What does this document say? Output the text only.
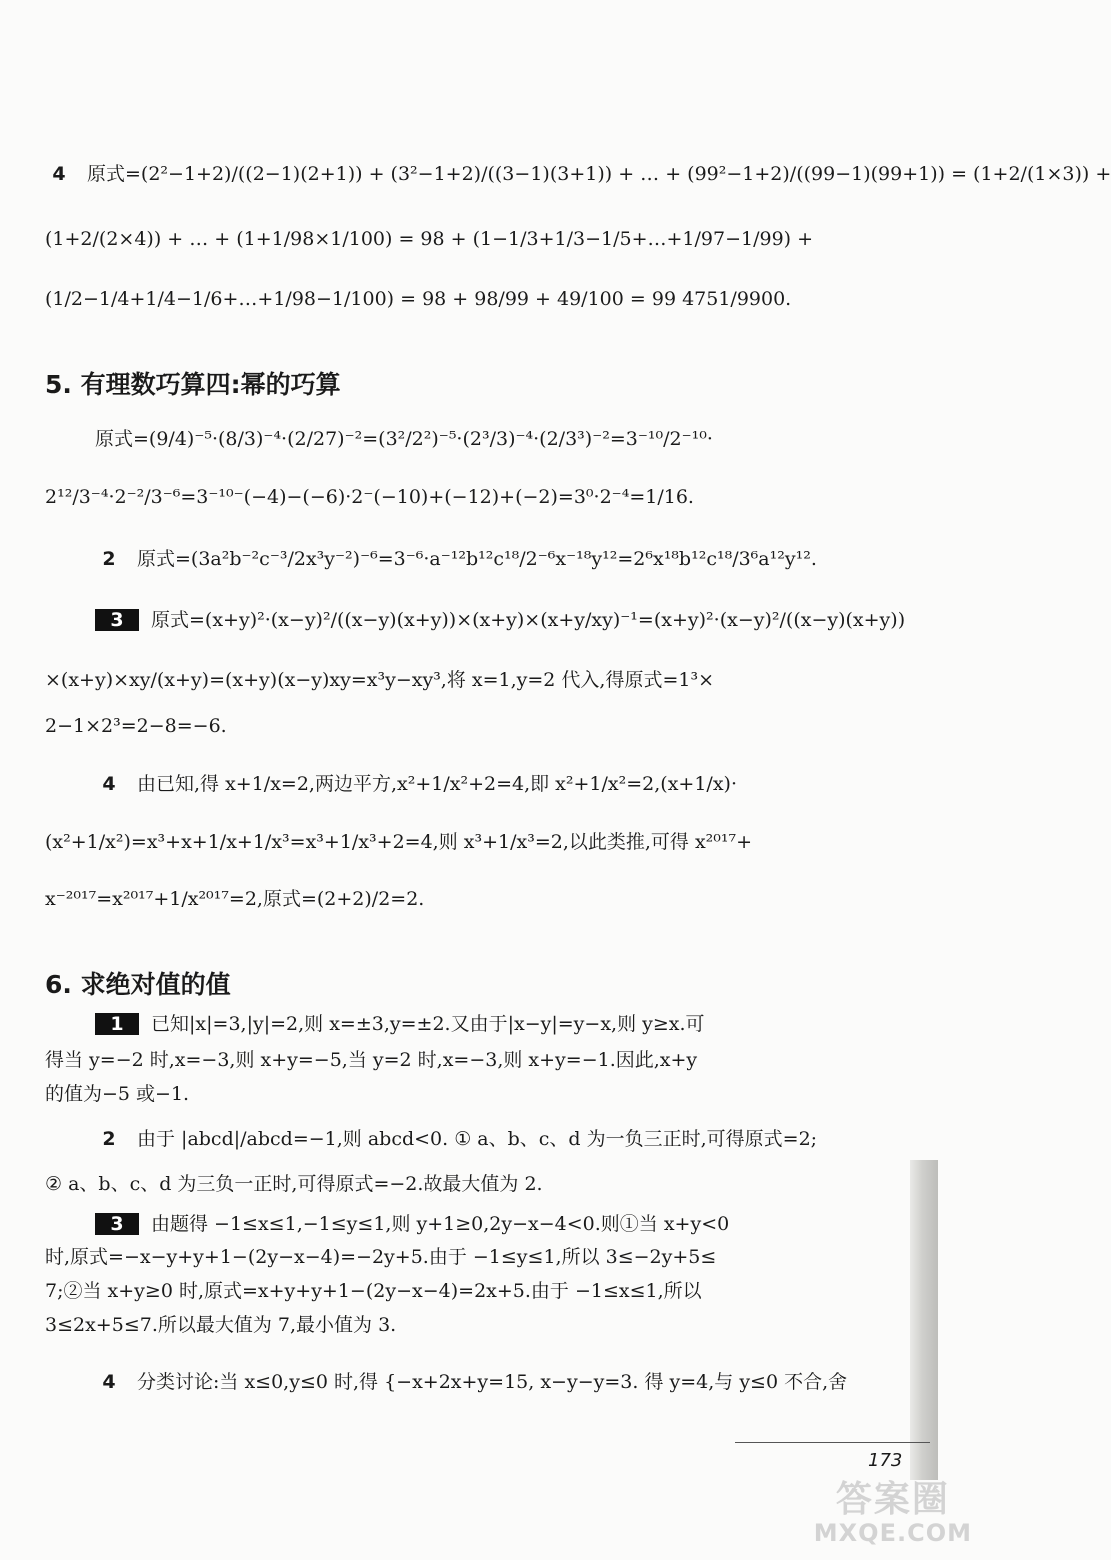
4 原式=(2²−1+2)/((2−1)(2+1)) + (3²−1+2)/((3−1)(3+1)) + … + (99²−1+2)/((99−1)(99+1)) = (1+2/(1×3)) +
(1+2/(2×4)) + … + (1+1/98×1/100) = 98 + (1−1/3+1/3−1/5+…+1/97−1/99) +
(1/2−1/4+1/4−1/6+…+1/98−1/100) = 98 + 98/99 + 49/100 = 99 4751/9900.
5. 有理数巧算四:幂的巧算
原式=(9/4)⁻⁵·(8/3)⁻⁴·(2/27)⁻²=(3²/2²)⁻⁵·(2³/3)⁻⁴·(2/3³)⁻²=3⁻¹⁰/2⁻¹⁰·
2¹²/3⁻⁴·2⁻²/3⁻⁶=3⁻¹⁰⁻(−4)−(−6)·2⁻(−10)+(−12)+(−2)=3⁰·2⁻⁴=1/16.
2 原式=(3a²b⁻²c⁻³/2x³y⁻²)⁻⁶=3⁻⁶·a⁻¹²b¹²c¹⁸/2⁻⁶x⁻¹⁸y¹²=2⁶x¹⁸b¹²c¹⁸/3⁶a¹²y¹².
3 原式=(x+y)²·(x−y)²/((x−y)(x+y))×(x+y)×(x+y/xy)⁻¹=(x+y)²·(x−y)²/((x−y)(x+y))
×(x+y)×xy/(x+y)=(x+y)(x−y)xy=x³y−xy³,将 x=1,y=2 代入,得原式=1³×
2−1×2³=2−8=−6.
4 由已知,得 x+1/x=2,两边平方,x²+1/x²+2=4,即 x²+1/x²=2,(x+1/x)·
(x²+1/x²)=x³+x+1/x+1/x³=x³+1/x³+2=4,则 x³+1/x³=2,以此类推,可得 x²⁰¹⁷+
x⁻²⁰¹⁷=x²⁰¹⁷+1/x²⁰¹⁷=2,原式=(2+2)/2=2.
6. 求绝对值的值
1 已知|x|=3,|y|=2,则 x=±3,y=±2.又由于|x−y|=y−x,则 y≥x.可
得当 y=−2 时,x=−3,则 x+y=−5,当 y=2 时,x=−3,则 x+y=−1.因此,x+y
的值为−5 或−1.
2 由于 |abcd|/abcd=−1,则 abcd<0. ① a、b、c、d 为一负三正时,可得原式=2;
② a、b、c、d 为三负一正时,可得原式=−2.故最大值为 2.
3 由题得 −1≤x≤1,−1≤y≤1,则 y+1≥0,2y−x−4<0.则①当 x+y<0
时,原式=−x−y+y+1−(2y−x−4)=−2y+5.由于 −1≤y≤1,所以 3≤−2y+5≤
7;②当 x+y≥0 时,原式=x+y+y+1−(2y−x−4)=2x+5.由于 −1≤x≤1,所以
3≤2x+5≤7.所以最大值为 7,最小值为 3.
4 分类讨论:当 x≤0,y≤0 时,得 {−x+2x+y=15, x−y−y=3. 得 y=4,与 y≤0 不合,舍
173
答案圈
MXQE.COM
